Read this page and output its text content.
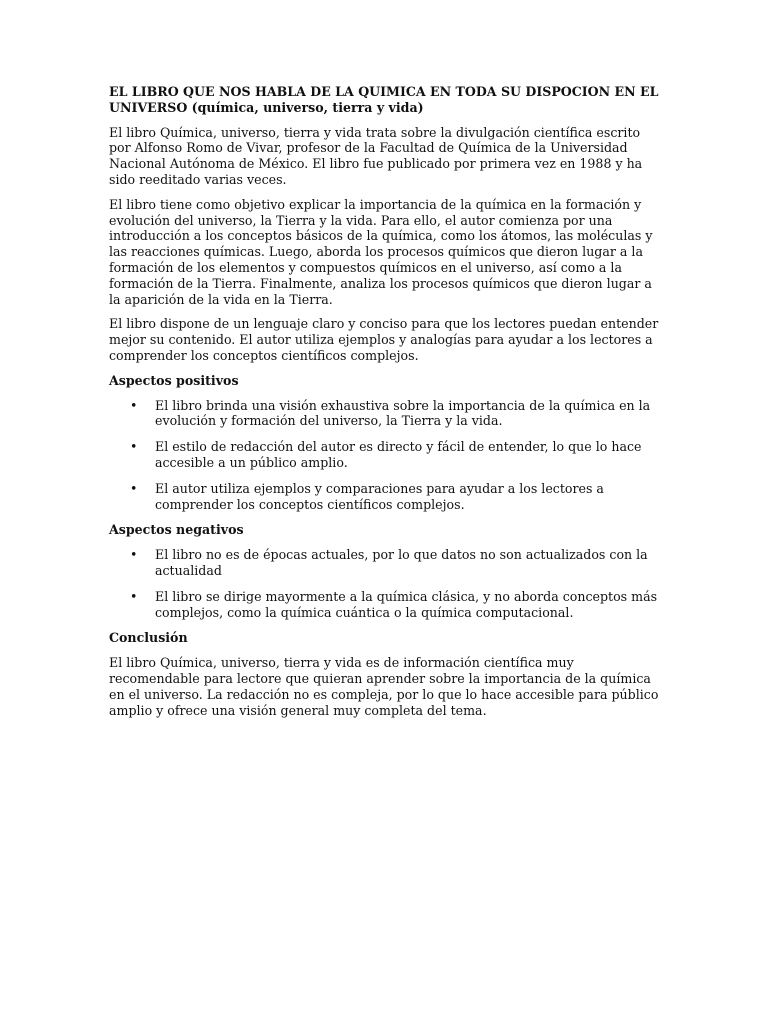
EL LIBRO QUE NOS HABLA DE LA QUIMICA EN TODA SU DISPOCION EN EL UNIVERSO (química, universo, tierra y vida)

El libro Química, universo, tierra y vida trata sobre la divulgación científica escrito por Alfonso Romo de Vivar, profesor de la Facultad de Química de la Universidad Nacional Autónoma de México. El libro fue publicado por primera vez en 1988 y ha sido reeditado varias veces.

El libro tiene como objetivo explicar la importancia de la química en la formación y evolución del universo, la Tierra y la vida. Para ello, el autor comienza por una introducción a los conceptos básicos de la química, como los átomos, las moléculas y las reacciones químicas. Luego, aborda los procesos químicos que dieron lugar a la formación de los elementos y compuestos químicos en el universo, así como a la formación de la Tierra. Finalmente, analiza los procesos químicos que dieron lugar a la aparición de la vida en la Tierra.

El libro dispone de un lenguaje claro y conciso para que los lectores puedan entender mejor su contenido. El autor utiliza ejemplos y analogías para ayudar a los lectores a comprender los conceptos científicos complejos.

Aspectos positivos

• El libro brinda una visión exhaustiva sobre la importancia de la química en la evolución y formación del universo, la Tierra y la vida.
• El estilo de redacción del autor es directo y fácil de entender, lo que lo hace accesible a un público amplio.
• El autor utiliza ejemplos y comparaciones para ayudar a los lectores a comprender los conceptos científicos complejos.

Aspectos negativos

• El libro no es de épocas actuales, por lo que datos no son actualizados con la actualidad
• El libro se dirige mayormente a la química clásica, y no aborda conceptos más complejos, como la química cuántica o la química computacional.

Conclusión

El libro Química, universo, tierra y vida es de información científica muy recomendable para lectore que quieran aprender sobre la importancia de la química en el universo. La redacción no es compleja, por lo que lo hace accesible para público amplio y ofrece una visión general muy completa del tema.
